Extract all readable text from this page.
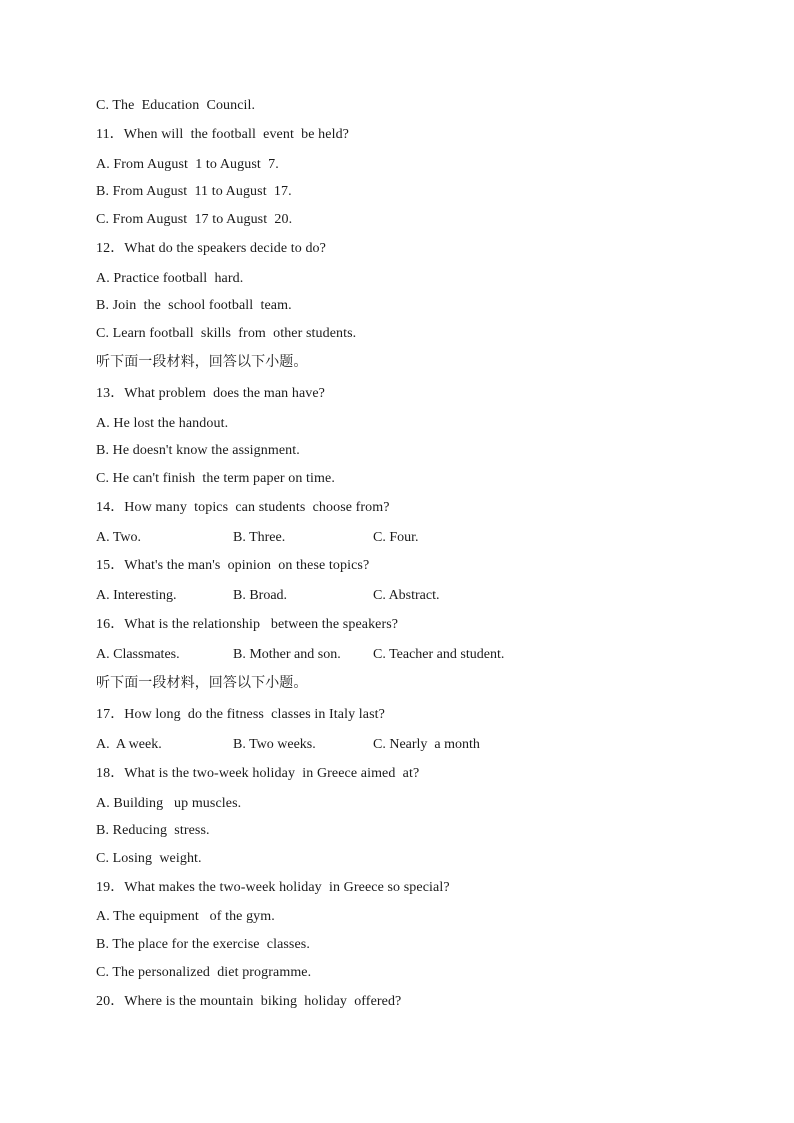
C. The  Education  Council.
11．When will  the football  event  be held?
A. From August  1 to August  7.
B. From August  11 to August  17.
C. From August  17 to August  20.
12．What do the speakers decide to do?
A. Practice football  hard.
B. Join  the  school football  team.
C. Learn football  skills  from  other students.
听下面一段材料，回答以下小题。
13．What problem  does the man have?
A. He lost the handout.
B. He doesn't know the assignment.
C. He can't finish  the term paper on time.
14．How many  topics  can students  choose from?
A. Two.	B. Three.	C. Four.
15．What's the man's  opinion  on these topics?
A. Interesting.	B. Broad.	C. Abstract.
16．What is the relationship   between the speakers?
A. Classmates.	B. Mother and son. C. Teacher and student.
听下面一段材料，回答以下小题。
17．How long  do the fitness  classes in Italy last?
A.  A week.	B. Two weeks.	C. Nearly  a month
18．What is the two-week holiday  in Greece aimed  at?
A. Building   up muscles.
B. Reducing  stress.
C. Losing  weight.
19．What makes the two-week holiday  in Greece so special?
A. The equipment   of the gym.
B. The place for the exercise  classes.
C. The personalized  diet programme.
20．Where is the mountain  biking  holiday  offered?
